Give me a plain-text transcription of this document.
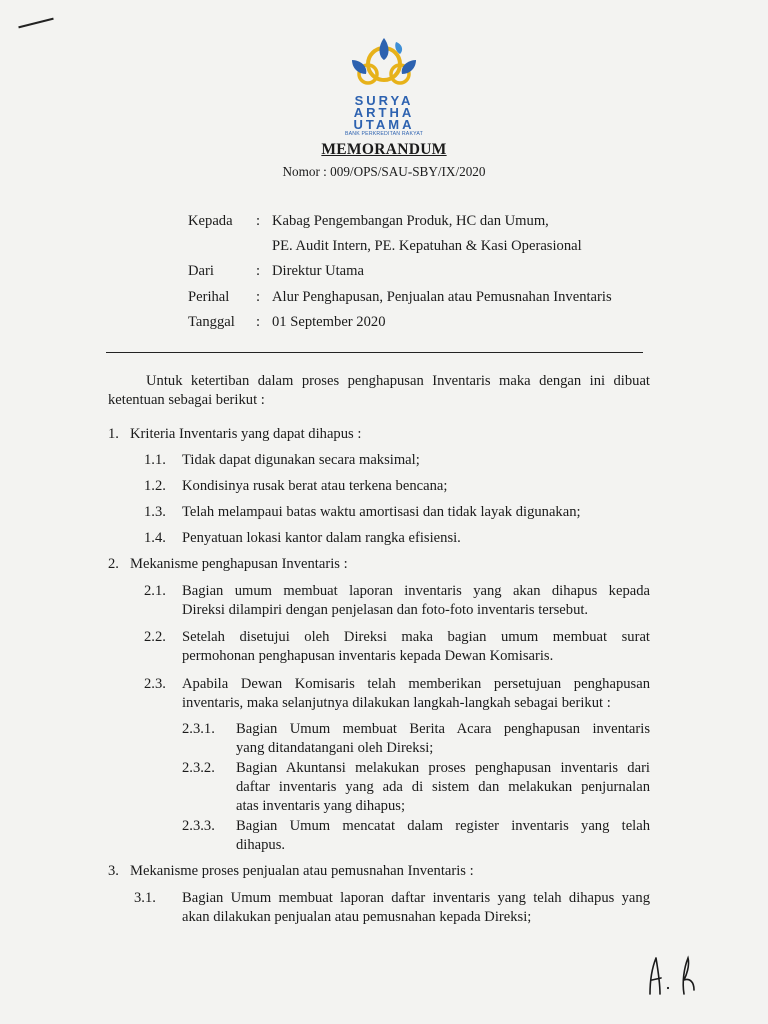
SURYA
ARTHA
UTAMA
BANK PERKREDITAN RAKYAT
MEMORANDUM
Nomor : 009/OPS/SAU-SBY/IX/2020
Kepada : Kabag Pengembangan Produk, HC dan Umum,
PE. Audit Intern, PE. Kepatuhan & Kasi Operasional
Dari	: Direktur Utama
Perihal : Alur Penghapusan, Penjualan atau Pemusnahan Inventaris
Tanggal : 01 September 2020
Untuk ketertiban dalam proses penghapusan Inventaris maka dengan ini dibuat
ketentuan sebagai berikut :
1. Kriteria Inventaris yang dapat dihapus :
1.1. Tidak dapat digunakan secara maksimal;
1.2. Kondisinya rusak berat atau terkena bencana;
1.3. Telah melampaui batas waktu amortisasi dan tidak layak digunakan;
1.4. Penyatuan lokasi kantor dalam rangka efisiensi.
2. Mekanisme penghapusan Inventaris :
2.1. Bagian umum membuat laporan inventaris yang akan dihapus kepada
Direksi dilampiri dengan penjelasan dan foto-foto inventaris tersebut.
2.2. Setelah disetujui oleh Direksi maka bagian umum membuat surat
permohonan penghapusan inventaris kepada Dewan Komisaris.
2.3. Apabila Dewan Komisaris telah memberikan persetujuan penghapusan
inventaris, maka selanjutnya dilakukan langkah-langkah sebagai berikut :
2.3.1. Bagian Umum membuat Berita Acara penghapusan inventaris
yang ditandatangani oleh Direksi;
2.3.2. Bagian Akuntansi melakukan proses penghapusan inventaris dari
daftar inventaris yang ada di sistem dan melakukan penjurnalan
atas inventaris yang dihapus;
2.3.3. Bagian Umum mencatat dalam register inventaris yang telah
dihapus.
3. Mekanisme proses penjualan atau pemusnahan Inventaris :
3.1. Bagian Umum membuat laporan daftar inventaris yang telah dihapus yang
akan dilakukan penjualan atau pemusnahan kepada Direksi;
